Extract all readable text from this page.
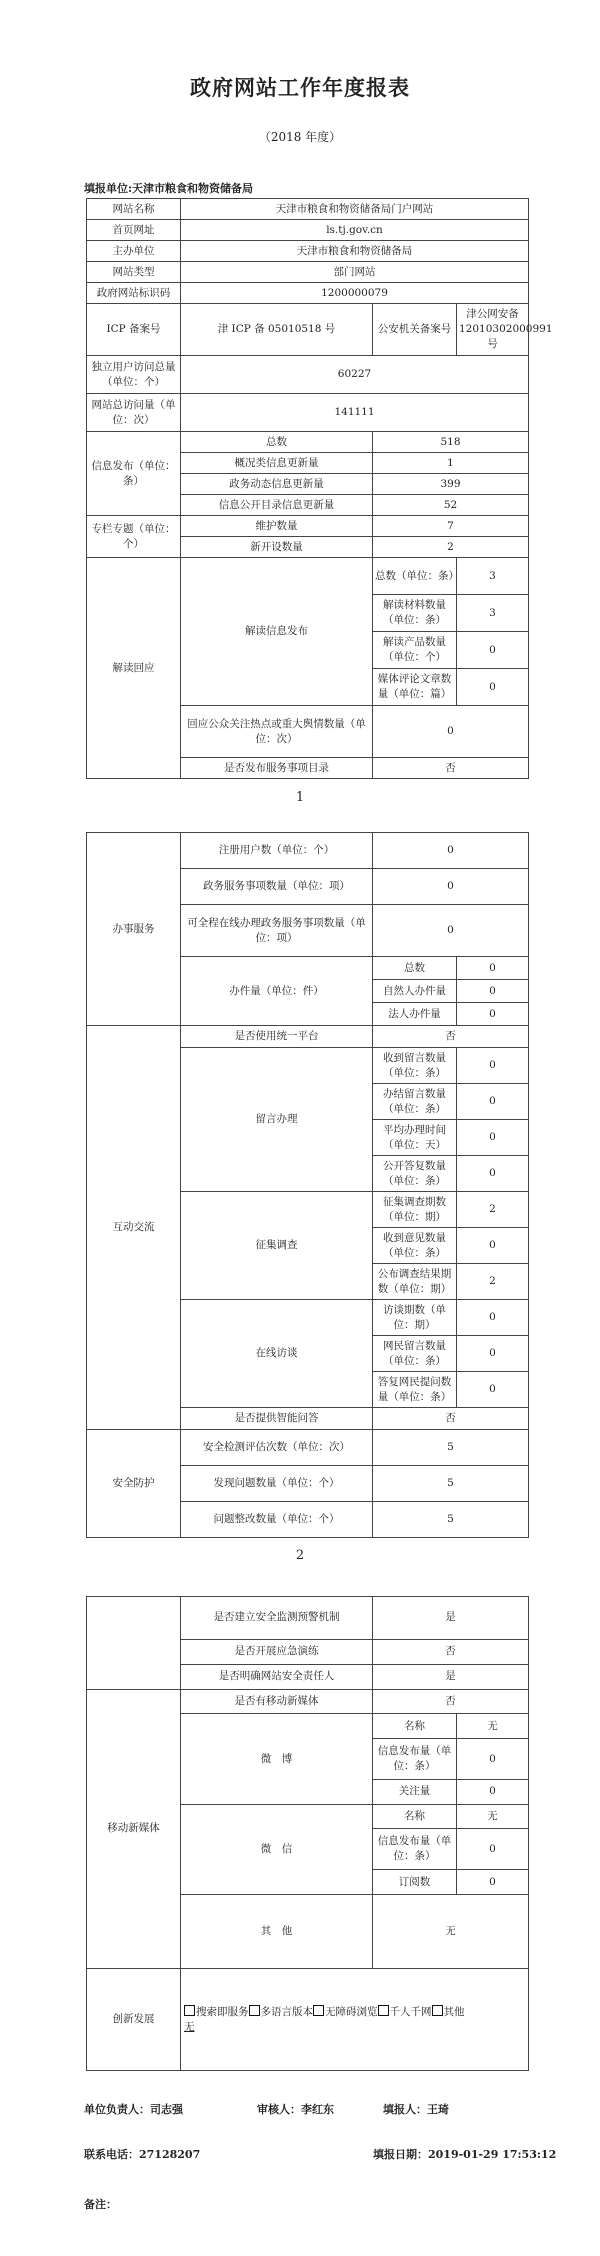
政府网站工作年度报表
（2018 年度）
填报单位:天津市粮食和物资储备局
网站名称	天津市粮食和物资储备局门户网站		
首页网址	ls.tj.gov.cn		
主办单位	天津市粮食和物资储备局		
网站类型	部门网站		
政府网站标识码	1200000079		
ICP 备案号	津 ICP 备 05010518 号	公安机关备案号	津公网安备 12010302000991 号
独立用户访问总量（单位：个）	60227		
网站总访问量（单位：次）	141111		
信息发布（单位：条）	总数	518	
	概况类信息更新量	1	
	政务动态信息更新量	399	
	信息公开目录信息更新量	52	
专栏专题（单位：个）	维护数量	7	
	新开设数量	2	
解读回应	解读信息发布	总数（单位：条）	3
		解读材料数量（单位：条）	3
		解读产品数量（单位：个）	0
		媒体评论文章数量（单位：篇）	0
	回应公众关注热点或重大舆情数量（单位：次）	0	
	是否发布服务事项目录	否	
1
办事服务	注册用户数（单位：个）	0	
	政务服务事项数量（单位：项）	0	
	可全程在线办理政务服务事项数量（单位：项）	0	
	办件量（单位：件）	总数	0
		自然人办件量	0
		法人办件量	0
互动交流	是否使用统一平台	否	
	留言办理	收到留言数量（单位：条）	0
		办结留言数量（单位：条）	0
		平均办理时间（单位：天）	0
		公开答复数量（单位：条）	0
	征集调查	征集调查期数（单位：期）	2
		收到意见数量（单位：条）	0
		公布调查结果期数（单位：期）	2
	在线访谈	访谈期数（单位：期）	0
		网民留言数量（单位：条）	0
		答复网民提问数量（单位：条）	0
	是否提供智能问答	否	
安全防护	安全检测评估次数（单位：次）	5	
	发现问题数量（单位：个）	5	
	问题整改数量（单位：个）	5	
2
	是否建立安全监测预警机制	是	
	是否开展应急演练	否	
	是否明确网站安全责任人	是	
移动新媒体	是否有移动新媒体	否	
	微　博	名称	无
		信息发布量（单位：条）	0
		关注量	0
	微　信	名称	无
		信息发布量（单位：条）	0
		订阅数	0
	其　他	无	
创新发展	搜索即服务 多语言版本 无障碍浏览 千人千网 其他
无		
单位负责人：司志强	审核人：李红东	填报人：王琦
联系电话：27128207	填报日期：2019-01-29 17:53:12
备注：
